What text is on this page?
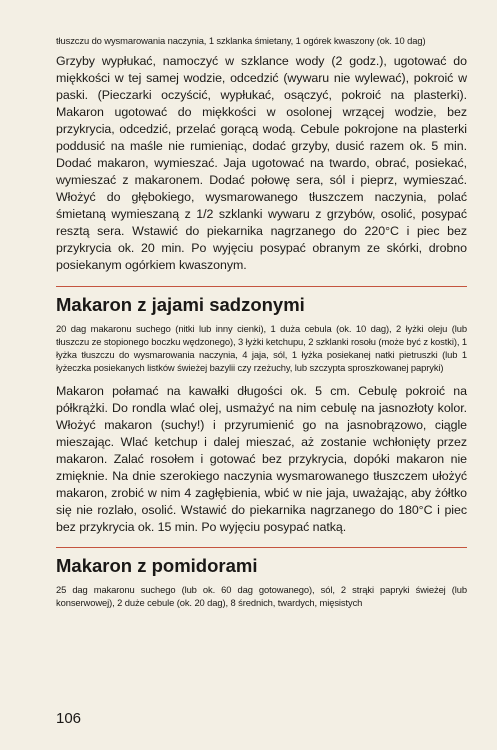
tłuszczu do wysmarowania naczynia, 1 szklanka śmietany, 1 ogórek kwaszony (ok. 10 dag)

Grzyby wypłukać, namoczyć w szklance wody (2 godz.), ugotować do miękkości w tej samej wodzie, odcedzić (wywaru nie wylewać), pokroić w paski. (Pieczarki oczyścić, wypłukać, osączyć, pokroić na plasterki). Makaron ugotować do miękkości w osolonej wrzącej wodzie, bez przykrycia, odcedzić, przelać gorącą wodą. Cebule pokrojone na plasterki poddusić na maśle nie rumieniąc, dodać grzyby, dusić razem ok. 5 min. Dodać makaron, wymieszać. Jaja ugotować na twardo, obrać, posiekać, wymieszać z makaronem. Dodać połowę sera, sól i pieprz, wymieszać. Włożyć do głębokiego, wysmarowanego tłuszczem naczynia, polać śmietaną wymieszaną z 1/2 szklanki wywaru z grzybów, osolić, posypać resztą sera. Wstawić do piekarnika nagrzanego do 220°C i piec bez przykrycia ok. 20 min. Po wyjęciu posypać obranym ze skórki, drobno posiekanym ogórkiem kwaszonym.

Makaron z jajami sadzonymi

20 dag makaronu suchego (nitki lub inny cienki), 1 duża cebula (ok. 10 dag), 2 łyżki oleju (lub tłuszczu ze stopionego boczku wędzonego), 3 łyżki ketchupu, 2 szklanki rosołu (może być z kostki), 1 łyżka tłuszczu do wysmarowania naczynia, 4 jaja, sól, 1 łyżka posiekanej natki pietruszki (lub 1 łyżeczka posiekanych listków świeżej bazylii czy rzeżuchy, lub szczypta sproszkowanej papryki)

Makaron połamać na kawałki długości ok. 5 cm. Cebulę pokroić na półkrążki. Do rondla wlać olej, usmażyć na nim cebulę na jasnozłoty kolor. Włożyć makaron (suchy!) i przyrumienić go na jasnobrązowo, ciągle mieszając. Wlać ketchup i dalej mieszać, aż zostanie wchłonięty przez makaron. Zalać rosołem i gotować bez przykrycia, dopóki makaron nie zmięknie. Na dnie szerokiego naczynia wysmarowanego tłuszczem ułożyć makaron, zrobić w nim 4 zagłębienia, wbić w nie jaja, uważając, aby żółtko się nie rozlało, osolić. Wstawić do piekarnika nagrzanego do 180°C i piec bez przykrycia ok. 15 min. Po wyjęciu posypać natką.

Makaron z pomidorami

25 dag makaronu suchego (lub ok. 60 dag gotowanego), sól, 2 strąki papryki świeżej (lub konserwowej), 2 duże cebule (ok. 20 dag), 8 średnich, twardych, mięsistych

106
